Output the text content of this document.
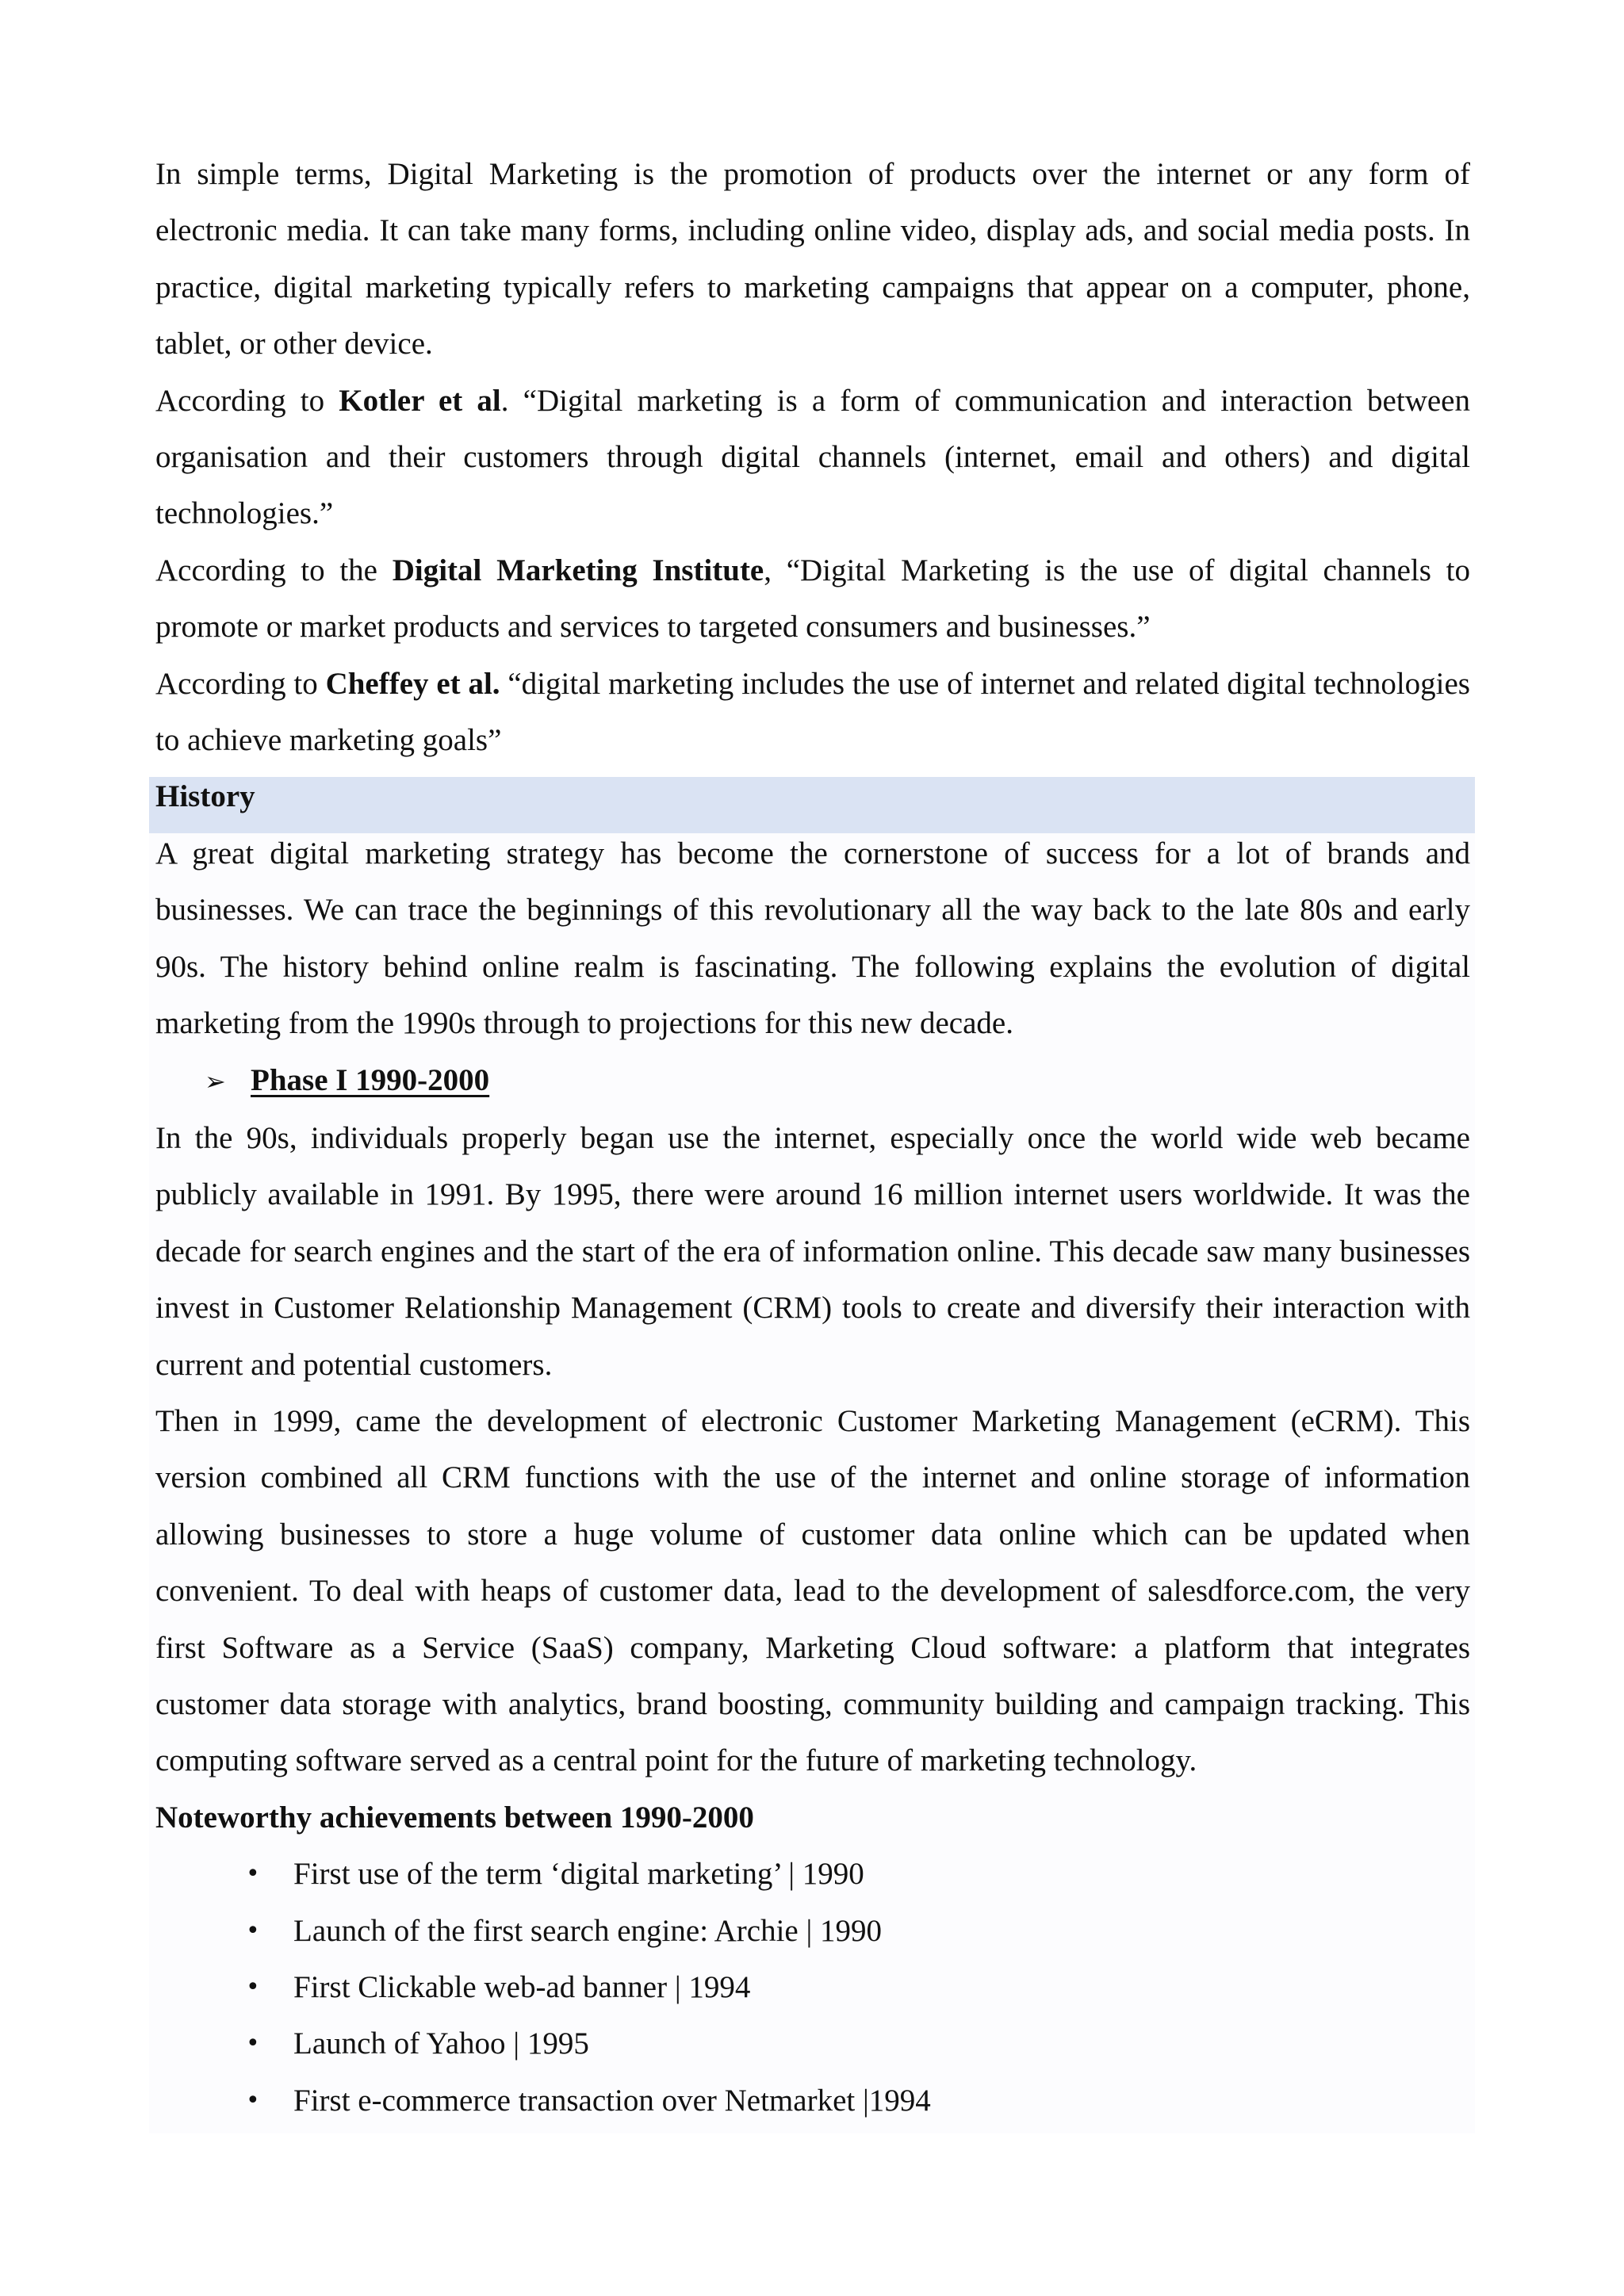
In simple terms, Digital Marketing is the promotion of products over the internet or any form of electronic media. It can take many forms, including online video, display ads, and social media posts. In practice, digital marketing typically refers to marketing campaigns that appear on a computer, phone, tablet, or other device.

According to Kotler et al. “Digital marketing is a form of communication and interaction between organisation and their customers through digital channels (internet, email and others) and digital technologies.”

According to the Digital Marketing Institute, “Digital Marketing is the use of digital channels to promote or market products and services to targeted consumers and businesses.”

According to Cheffey et al. “digital marketing includes the use of internet and related digital technologies to achieve marketing goals”

History

A great digital marketing strategy has become the cornerstone of success for a lot of brands and businesses. We can trace the beginnings of this revolutionary all the way back to the late 80s and early 90s. The history behind online realm is fascinating. The following explains the evolution of digital marketing from the 1990s through to projections for this new decade.

➢ Phase I 1990-2000

In the 90s, individuals properly began use the internet, especially once the world wide web became publicly available in 1991. By 1995, there were around 16 million internet users worldwide. It was the decade for search engines and the start of the era of information online. This decade saw many businesses invest in Customer Relationship Management (CRM) tools to create and diversify their interaction with current and potential customers.

Then in 1999, came the development of electronic Customer Marketing Management (eCRM). This version combined all CRM functions with the use of the internet and online storage of information allowing businesses to store a huge volume of customer data online which can be updated when convenient. To deal with heaps of customer data, lead to the development of salesdforce.com, the very first Software as a Service (SaaS) company, Marketing Cloud software: a platform that integrates customer data storage with analytics, brand boosting, community building and campaign tracking. This computing software served as a central point for the future of marketing technology.

Noteworthy achievements between 1990-2000

• First use of the term ‘digital marketing’ | 1990
• Launch of the first search engine: Archie | 1990
• First Clickable web-ad banner | 1994
• Launch of Yahoo | 1995
• First e-commerce transaction over Netmarket |1994
